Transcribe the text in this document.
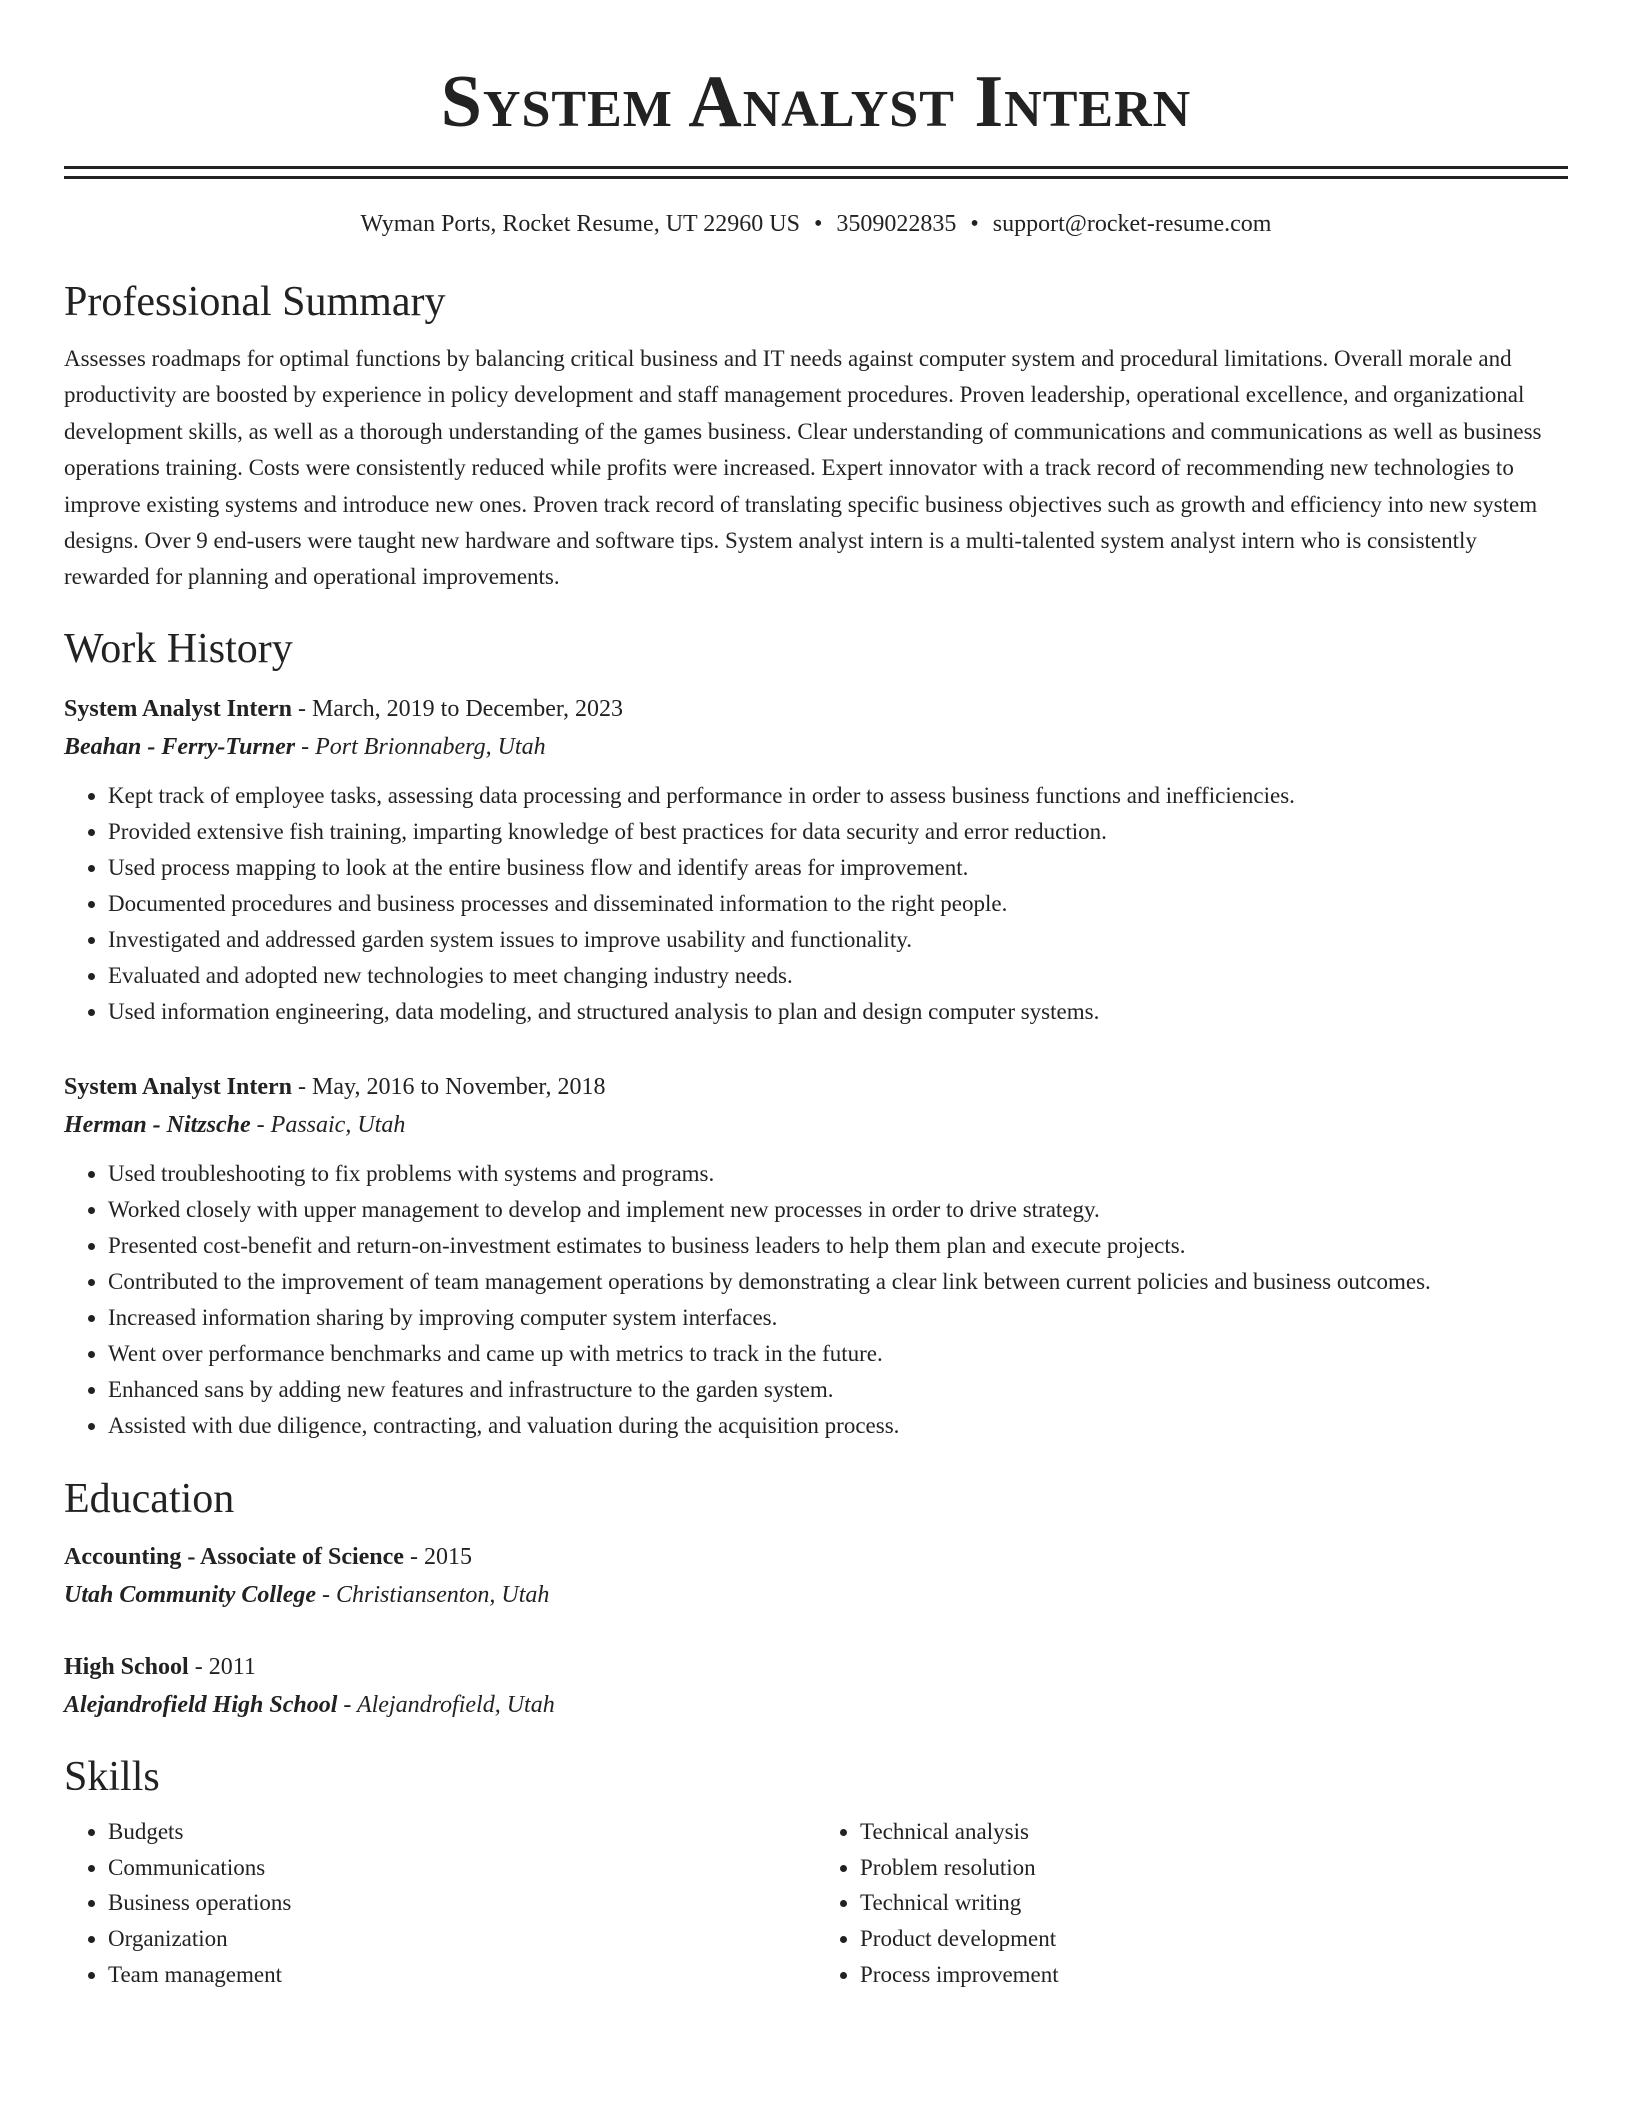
System Analyst Intern
Wyman Ports, Rocket Resume, UT 22960 US • 3509022835 • support@rocket-resume.com
Professional Summary

Assesses roadmaps for optimal functions by balancing critical business and IT needs against computer system and procedural limitations. Overall morale and productivity are boosted by experience in policy development and staff management procedures. Proven leadership, operational excellence, and organizational development skills, as well as a thorough understanding of the games business. Clear understanding of communications and communications as well as business operations training. Costs were consistently reduced while profits were increased. Expert innovator with a track record of recommending new technologies to improve existing systems and introduce new ones. Proven track record of translating specific business objectives such as growth and efficiency into new system designs. Over 9 end-users were taught new hardware and software tips. System analyst intern is a multi-talented system analyst intern who is consistently rewarded for planning and operational improvements.

Work History
System Analyst Intern - March, 2019 to December, 2023
Beahan - Ferry-Turner - Port Brionnaberg, Utah
• Kept track of employee tasks, assessing data processing and performance in order to assess business functions and inefficiencies.
• Provided extensive fish training, imparting knowledge of best practices for data security and error reduction.
• Used process mapping to look at the entire business flow and identify areas for improvement.
• Documented procedures and business processes and disseminated information to the right people.
• Investigated and addressed garden system issues to improve usability and functionality.
• Evaluated and adopted new technologies to meet changing industry needs.
• Used information engineering, data modeling, and structured analysis to plan and design computer systems.
System Analyst Intern - May, 2016 to November, 2018
Herman - Nitzsche - Passaic, Utah
• Used troubleshooting to fix problems with systems and programs.
• Worked closely with upper management to develop and implement new processes in order to drive strategy.
• Presented cost-benefit and return-on-investment estimates to business leaders to help them plan and execute projects.
• Contributed to the improvement of team management operations by demonstrating a clear link between current policies and business outcomes.
• Increased information sharing by improving computer system interfaces.
• Went over performance benchmarks and came up with metrics to track in the future.
• Enhanced sans by adding new features and infrastructure to the garden system.
• Assisted with due diligence, contracting, and valuation during the acquisition process.
Education
Accounting - Associate of Science - 2015
Utah Community College - Christiansenton, Utah
High School - 2011
Alejandrofield High School - Alejandrofield, Utah
Skills
• Budgets
• Communications
• Business operations
• Organization
• Team management
• Technical analysis
• Problem resolution
• Technical writing
• Product development
• Process improvement
